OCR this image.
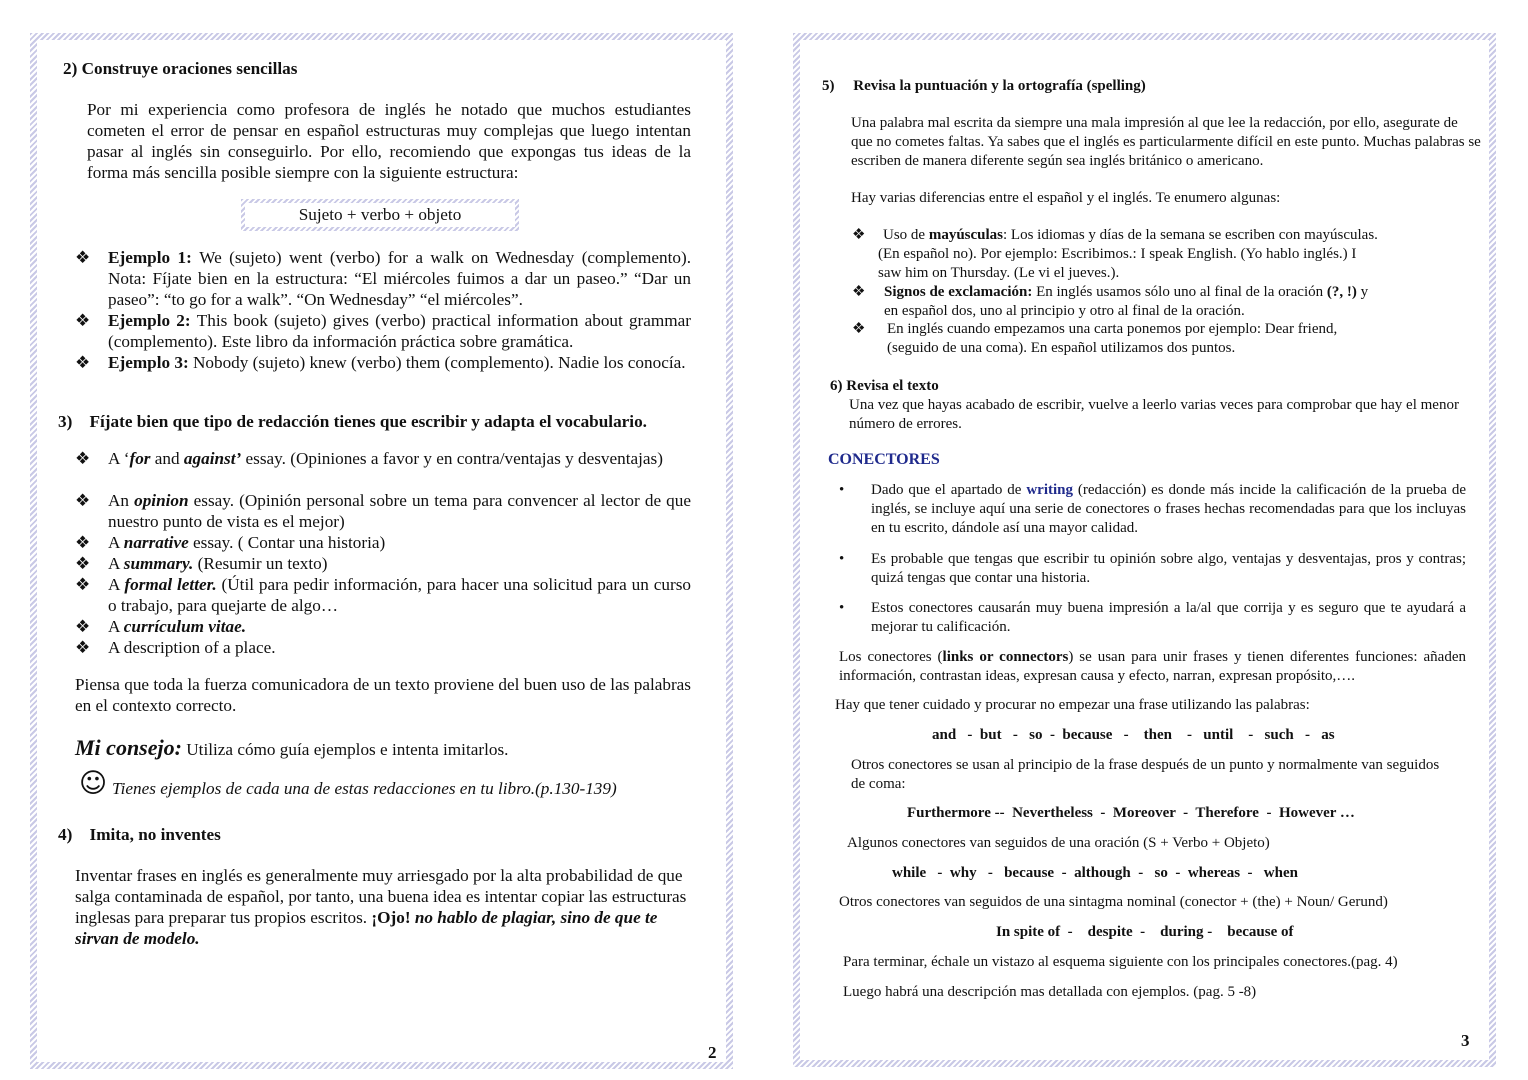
2) Construye oraciones sencillas

Por mi experiencia como profesora de inglés he notado que muchos estudiantes cometen el error de pensar en español estructuras muy complejas que luego intentan pasar al inglés sin conseguirlo. Por ello, recomiendo que expongas tus ideas de la forma más sencilla posible siempre con la siguiente estructura:

Sujeto + verbo + objeto
❖ Ejemplo 1: We (sujeto) went (verbo) for a walk on Wednesday (complemento). Nota: Fíjate bien en la estructura: “El miércoles fuimos a dar un paseo.” “Dar un paseo”: “to go for a walk”. “On Wednesday” “el miércoles”.

❖ Ejemplo 2: This book (sujeto) gives (verbo) practical information about grammar (complemento). Este libro da información práctica sobre gramática.

❖ Ejemplo 3: Nobody (sujeto) knew (verbo) them (complemento). Nadie los conocía.

3)    Fíjate bien que tipo de redacción tienes que escribir y adapta el vocabulario.

❖ A ‘for and against’ essay. (Opiniones a favor y en contra/ventajas y desventajas)

❖ An opinion essay. (Opinión personal sobre un tema para convencer al lector de que nuestro punto de vista es el mejor)

❖ A narrative essay. ( Contar una historia)

❖ A summary. (Resumir un texto)

❖ A formal letter. (Útil para pedir información, para hacer una solicitud para un curso o trabajo, para quejarte de algo…

❖ A currículum vitae.

❖ A description of a place.

Piensa que toda la fuerza comunicadora de un texto proviene del buen uso de las palabras en el contexto correcto.

Mi consejo: Utiliza cómo guía ejemplos e intenta imitarlos.

☺ Tienes ejemplos de cada una de estas redacciones en tu libro.(p.130-139)

4)    Imita, no inventes

Inventar frases en inglés es generalmente muy arriesgado por la alta probabilidad de que salga contaminada de español, por tanto, una buena idea es intentar copiar las estructuras inglesas para preparar tus propios escritos. ¡Ojo! no hablo de plagiar, sino de que te sirvan de modelo.

2

5)     Revisa la puntuación y la ortografía (spelling)

Una palabra mal escrita da siempre una mala impresión al que lee la redacción, por ello, asegurate de que no cometes faltas. Ya sabes que el inglés es particularmente difícil en este punto. Muchas palabras se escriben de manera diferente según sea inglés británico o americano.

Hay varias diferencias entre el español y el inglés. Te enumero algunas:

❖	Uso de mayúsculas: Los idiomas y días de la semana se escriben con mayúsculas. (En español no). Por ejemplo: Escribimos.: I speak English. (Yo hablo inglés.) I saw him on Thursday. (Le vi el jueves.).

❖ Signos de exclamación: En inglés usamos sólo uno al final de la oración (?, !) y en español dos, uno al principio y otro al final de la oración.

❖ En inglés cuando empezamos una carta ponemos por ejemplo: Dear friend, (seguido de una coma). En español utilizamos dos puntos.

6) Revisa el texto

Una vez que hayas acabado de escribir, vuelve a leerlo varias veces para comprobar que hay el menor número de errores.

CONECTORES

• Dado que el apartado de writing (redacción) es donde más incide la calificación de la prueba de inglés, se incluye aquí una serie de conectores o frases hechas recomendadas para que los incluyas en tu escrito, dándole así una mayor calidad.

• Es probable que tengas que escribir tu opinión sobre algo, ventajas y desventajas, pros y contras; quizá tengas que contar una historia.

• Estos conectores causarán muy buena impresión a la/al que corrija y es seguro que te ayudará a mejorar tu calificación.

Los conectores (links or connectors) se usan para unir frases y tienen diferentes funciones: añaden información, contrastan ideas, expresan causa y efecto, narran, expresan propósito,….

Hay que tener cuidado y procurar no empezar una frase utilizando las palabras:

and   -  but   -   so  -  because   -    then    -   until    -   such   -   as

Otros conectores se usan al principio de la frase después de un punto y normalmente van seguidos de coma:

Furthermore --  Nevertheless  -  Moreover  -  Therefore  -  However …

Algunos conectores van seguidos de una oración (S + Verbo + Objeto)

while   -  why   -   because  -  although  -   so  -  whereas  -   when

Otros conectores van seguidos de una sintagma nominal (conector + (the) + Noun/ Gerund)

In spite of  -    despite  -    during -    because of

Para terminar, échale un vistazo al esquema siguiente con los principales conectores.(pag. 4)

Luego habrá una descripción mas detallada con ejemplos. (pag. 5 -8)

3
